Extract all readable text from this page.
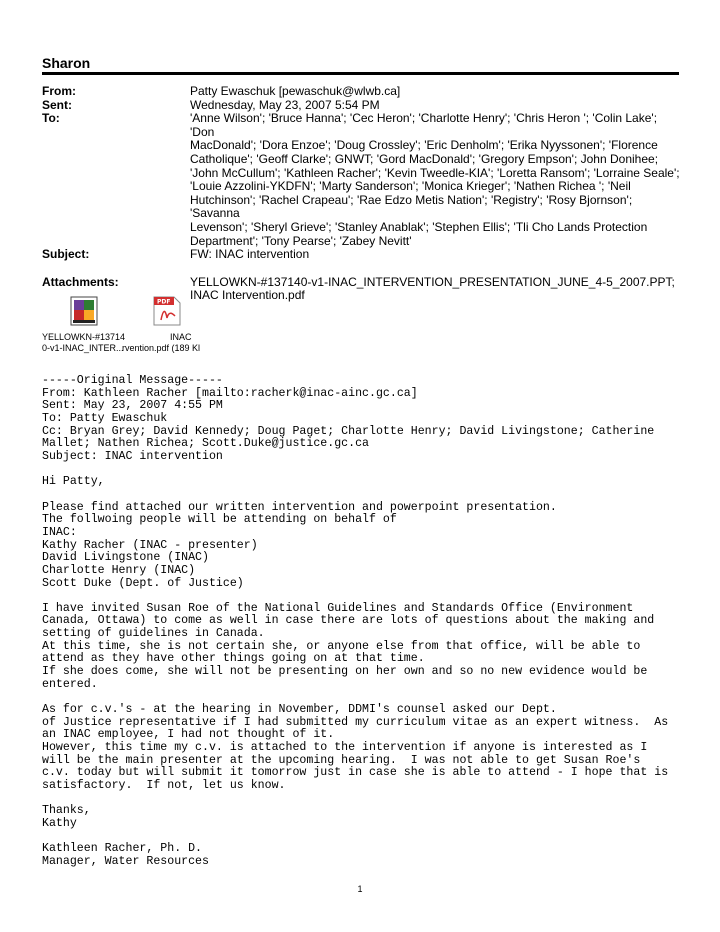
Sharon
From:	Patty Ewaschuk [pewaschuk@wlwb.ca]
Sent:	Wednesday, May 23, 2007 5:54 PM
To:	'Anne Wilson'; 'Bruce Hanna'; 'Cec Heron'; 'Charlotte Henry'; 'Chris Heron '; 'Colin Lake'; 'Don
MacDonald'; 'Dora Enzoe'; 'Doug Crossley'; 'Eric Denholm'; 'Erika Nyyssonen'; 'Florence
Catholique'; 'Geoff Clarke'; GNWT; 'Gord MacDonald'; 'Gregory Empson'; John Donihee;
'John McCullum'; 'Kathleen Racher'; 'Kevin Tweedle-KIA'; 'Loretta Ransom'; 'Lorraine Seale';
'Louie Azzolini-YKDFN'; 'Marty Sanderson'; 'Monica Krieger'; 'Nathen Richea '; 'Neil
Hutchinson'; 'Rachel Crapeau'; 'Rae Edzo Metis Nation'; 'Registry'; 'Rosy Bjornson'; 'Savanna
Levenson'; 'Sheryl Grieve'; 'Stanley Anablak'; 'Stephen Ellis'; 'Tli Cho Lands Protection
Department'; 'Tony Pearse'; 'Zabey Nevitt'
Subject:	FW: INAC intervention
Attachments:	YELLOWKN-#137140-v1-INAC_INTERVENTION_PRESENTATION_JUNE_4-5_2007.PPT;
INAC Intervention.pdf
PDF
YELLOWKN-#13714
0-v1-INAC_INTER...
INAC
rvention.pdf (189 Kl
-----Original Message-----
From: Kathleen Racher [mailto:racherk@inac-ainc.gc.ca]
Sent: May 23, 2007 4:55 PM
To: Patty Ewaschuk
Cc: Bryan Grey; David Kennedy; Doug Paget; Charlotte Henry; David Livingstone; Catherine
Mallet; Nathen Richea; Scott.Duke@justice.gc.ca
Subject: INAC intervention

Hi Patty,

Please find attached our written intervention and powerpoint presentation.
The follwoing people will be attending on behalf of
INAC:
Kathy Racher (INAC - presenter)
David Livingstone (INAC)
Charlotte Henry (INAC)
Scott Duke (Dept. of Justice)

I have invited Susan Roe of the National Guidelines and Standards Office (Environment
Canada, Ottawa) to come as well in case there are lots of questions about the making and
setting of guidelines in Canada.
At this time, she is not certain she, or anyone else from that office, will be able to
attend as they have other things going on at that time.
If she does come, she will not be presenting on her own and so no new evidence would be
entered.

As for c.v.'s - at the hearing in November, DDMI's counsel asked our Dept.
of Justice representative if I had submitted my curriculum vitae as an expert witness.  As
an INAC employee, I had not thought of it.
However, this time my c.v. is attached to the intervention if anyone is interested as I
will be the main presenter at the upcoming hearing.  I was not able to get Susan Roe's
c.v. today but will submit it tomorrow just in case she is able to attend - I hope that is
satisfactory.  If not, let us know.

Thanks,
Kathy

Kathleen Racher, Ph. D.
Manager, Water Resources
1
